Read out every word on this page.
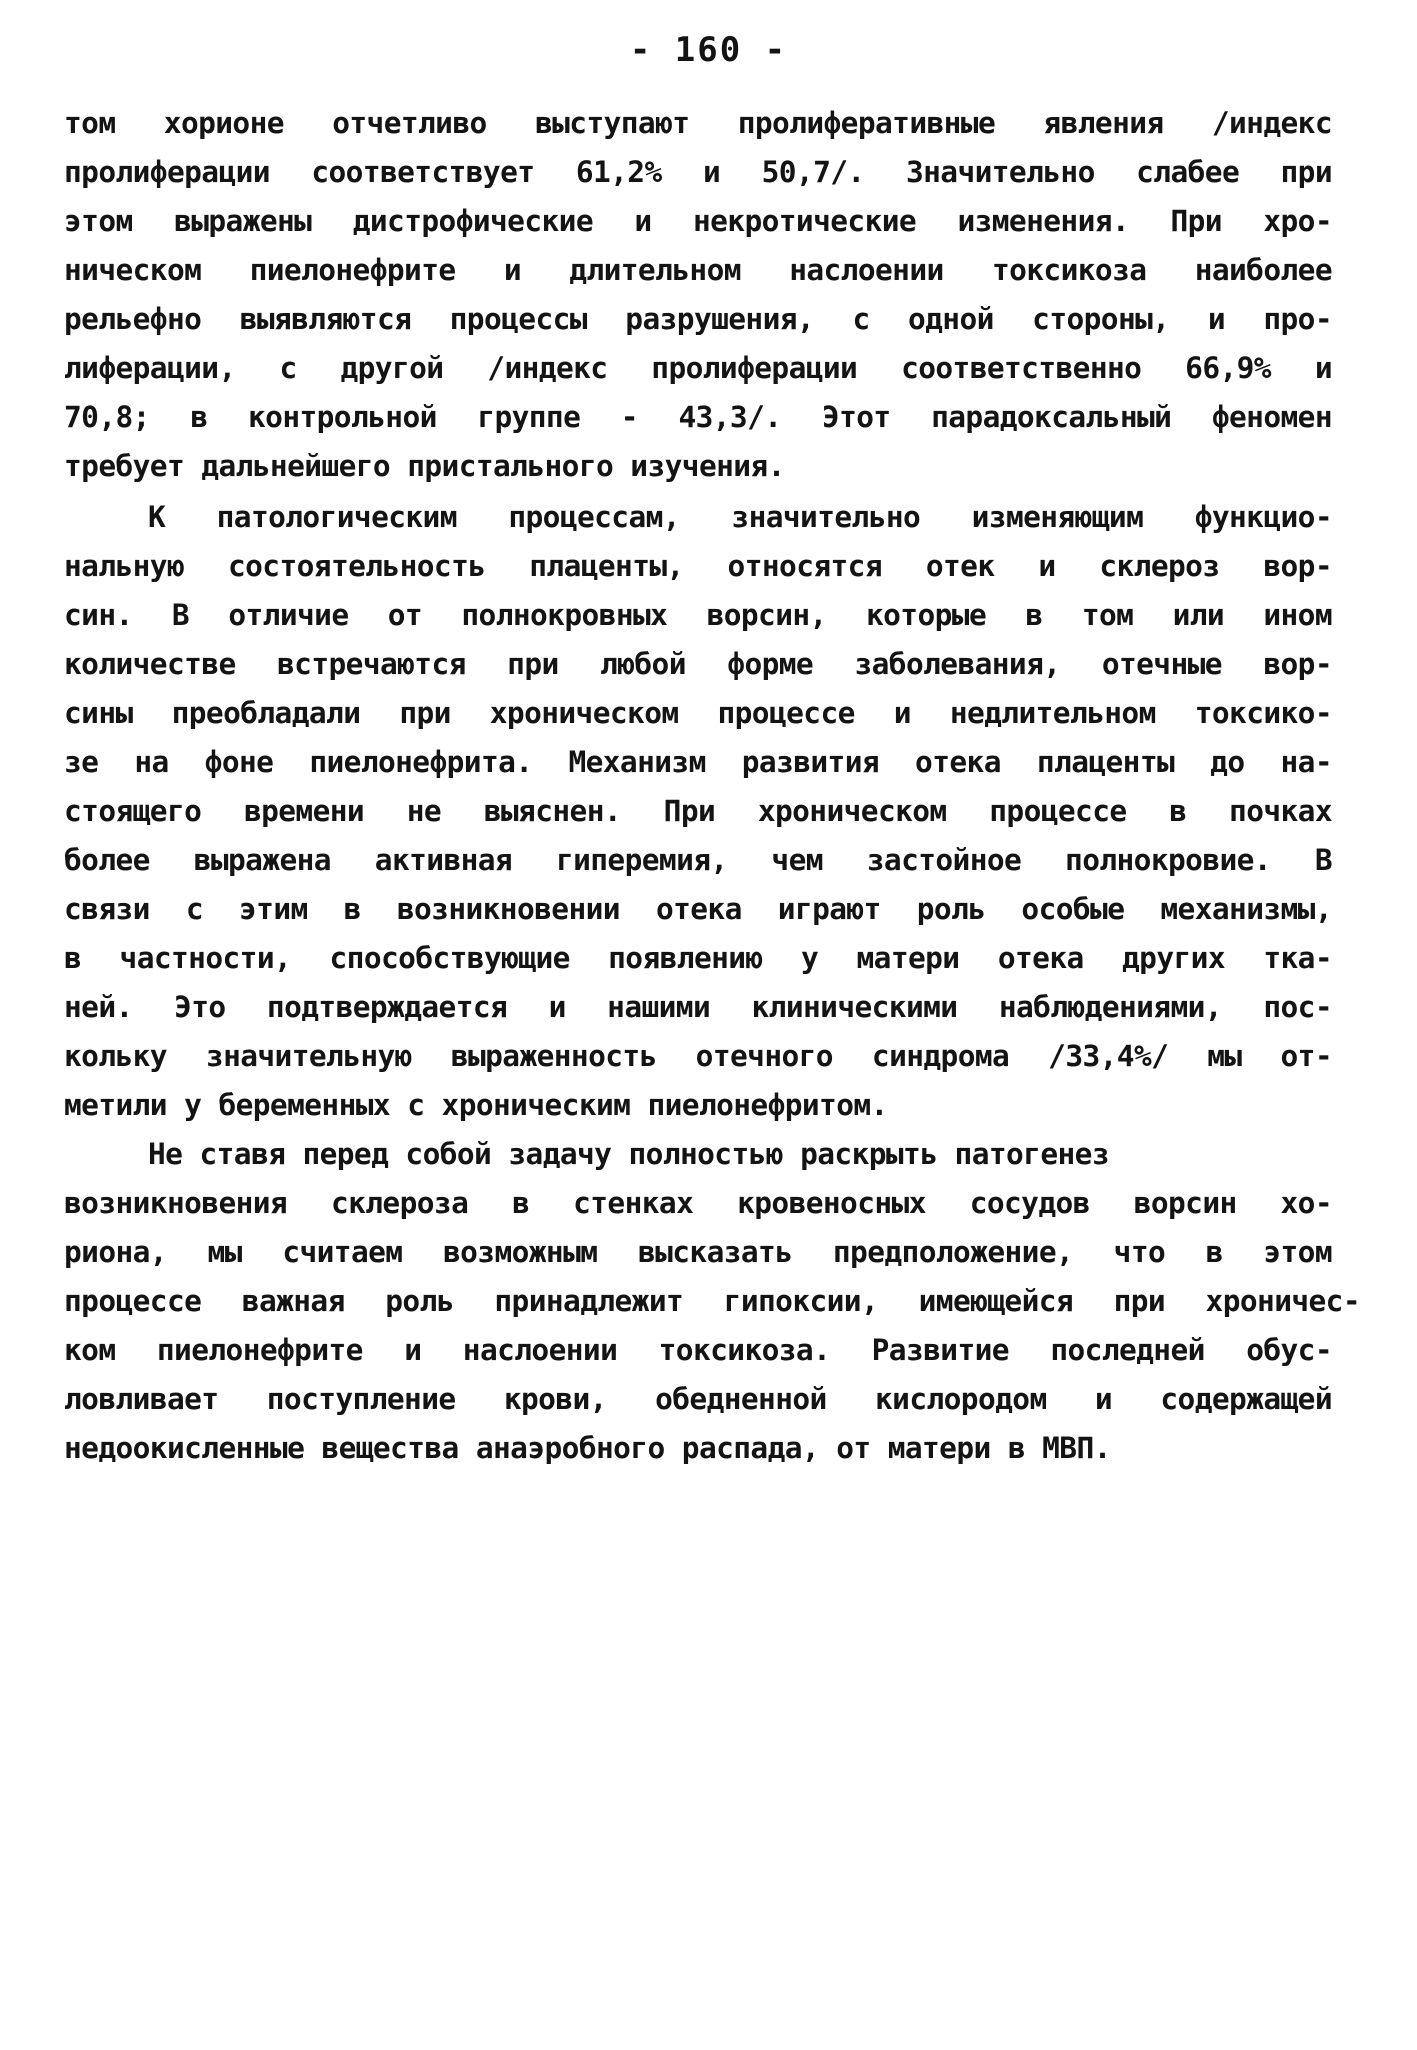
- 160 -
том хорионе отчетливо выступают пролиферативные явления /индекс
пролиферации соответствует 61,2% и 50,7/. Значительно слабее при
этом выражены дистрофические и некротические изменения. При хро-
ническом пиелонефрите и длительном наслоении токсикоза наиболее
рельефно выявляются процессы разрушения, с одной стороны, и про-
лиферации, с другой /индекс пролиферации соответственно 66,9% и
70,8; в контрольной группе - 43,3/. Этот парадоксальный феномен
требует дальнейшего пристального изучения.
К патологическим процессам, значительно изменяющим функцио-
нальную состоятельность плаценты, относятся отек и склероз вор-
син. В отличие от полнокровных ворсин, которые в том или ином
количестве встречаются при любой форме заболевания, отечные вор-
сины преобладали при хроническом процессе и недлительном токсико-
зе на фоне пиелонефрита. Механизм развития отека плаценты до на-
стоящего времени не выяснен. При хроническом процессе в почках
более выражена активная гиперемия, чем застойное полнокровие. В
связи с этим в возникновении отека играют роль особые механизмы,
в частности, способствующие появлению у матери отека других тка-
ней. Это подтверждается и нашими клиническими наблюдениями, пос-
кольку значительную выраженность отечного синдрома /33,4%/ мы от-
метили у беременных с хроническим пиелонефритом.
Не ставя перед собой задачу полностью раскрыть патогенез
возникновения склероза в стенках кровеносных сосудов ворсин хо-
риона, мы считаем возможным высказать предположение, что в этом
процессе важная роль принадлежит гипоксии, имеющейся при хроничес-
ком пиелонефрите и наслоении токсикоза. Развитие последней обус-
ловливает поступление крови, обедненной кислородом и содержащей
недоокисленные вещества анаэробного распада, от матери в МВП.
